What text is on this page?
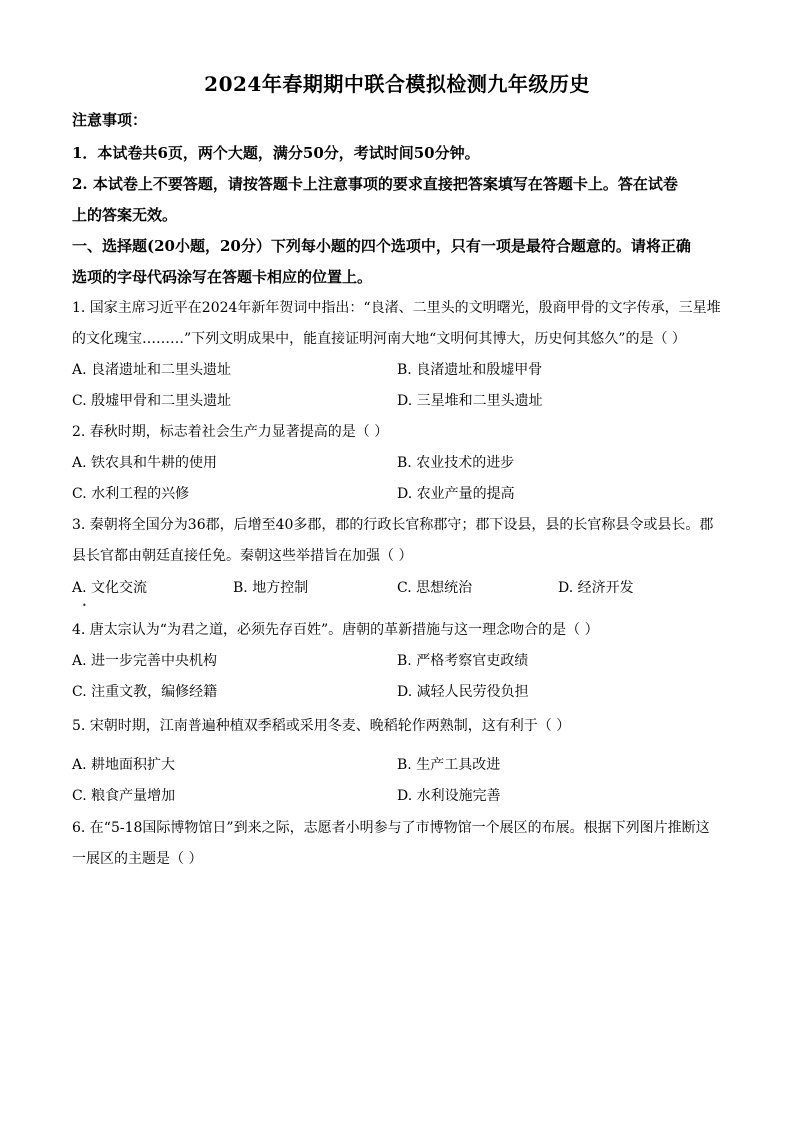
2024年春期期中联合模拟检测九年级历史
注意事项：
1．本试卷共6页，两个大题，满分50分，考试时间50分钟。
2. 本试卷上不要答题，请按答题卡上注意事项的要求直接把答案填写在答题卡上。答在试卷
上的答案无效。
一、选择题(20小题，20分）下列每小题的四个选项中，只有一项是最符合题意的。请将正确
选项的字母代码涂写在答题卡相应的位置上。
1. 国家主席习近平在2024年新年贺词中指出：“良渚、二里头的文明曙光，殷商甲骨的文字传承，三星堆
的文化瑰宝………”下列文明成果中，能直接证明河南大地“文明何其博大，历史何其悠久”的是（ ）
A. 良渚遗址和二里头遗址	B. 良渚遗址和殷墟甲骨
C. 殷墟甲骨和二里头遗址	D. 三星堆和二里头遗址
2. 春秋时期，标志着社会生产力显著提高的是（ ）
A. 铁农具和牛耕的使用	B. 农业技术的进步
C. 水利工程的兴修	D. 农业产量的提高
3. 秦朝将全国分为36郡，后增至40多郡，郡的行政长官称郡守；郡下设县，县的长官称县令或县长。郡
县长官都由朝廷直接任免。秦朝这些举措旨在加强（ ）
A. 文化交流	B. 地方控制	C. 思想统治	D. 经济开发
•
4. 唐太宗认为“为君之道，必须先存百姓”。唐朝的革新措施与这一理念吻合的是（ ）
A. 进一步完善中央机构	B. 严格考察官吏政绩
C. 注重文教，编修经籍	D. 减轻人民劳役负担
5. 宋朝时期，江南普遍种植双季稻或采用冬麦、晚稻轮作两熟制，这有利于（ ）
A. 耕地面积扩大	B. 生产工具改进
C. 粮食产量增加	D. 水利设施完善
6. 在“5-18国际博物馆日”到来之际，志愿者小明参与了市博物馆一个展区的布展。根据下列图片推断这
一展区的主题是（ ）
